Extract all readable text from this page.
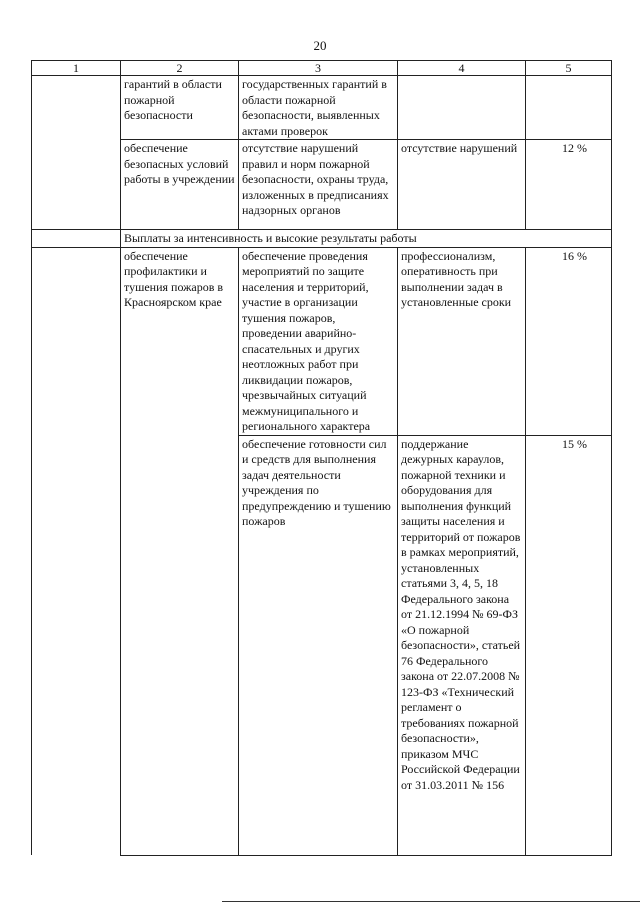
20
1	2	3	4	5
	гарантий в области пожарной безопасности	государственных гарантий в области пожарной безопасности, выявленных актами проверок		
	обеспечение безопасных условий работы в учреждении	отсутствие нарушений правил и норм пожарной безопасности, охраны труда, изложенных в предписаниях надзорных органов	отсутствие нарушений	12 %
	Выплаты за интенсивность и высокие результаты работы			
	обеспечение профилактики и тушения пожаров в Красноярском крае	обеспечение проведения мероприятий по защите населения и территорий, участие в организации тушения пожаров, проведении аварийно-спасательных и других неотложных работ при ликвидации пожаров, чрезвычайных ситуаций межмуниципального и регионального характера	профессионализм, оперативность при выполнении задач в установленные сроки	16 %
		обеспечение готовности сил и средств для выполнения задач деятельности учреждения по предупреждению и тушению пожаров	поддержание дежурных караулов, пожарной техники и оборудования для выполнения функций защиты населения и территорий от пожаров в рамках мероприятий, установленных статьями 3, 4, 5, 18 Федерального закона от 21.12.1994 № 69-ФЗ «О пожарной безопасности», статьей 76 Федерального закона от 22.07.2008 № 123-ФЗ «Технический регламент о требованиях пожарной безопасности», приказом МЧС Российской Федерации от 31.03.2011 № 156	15 %
